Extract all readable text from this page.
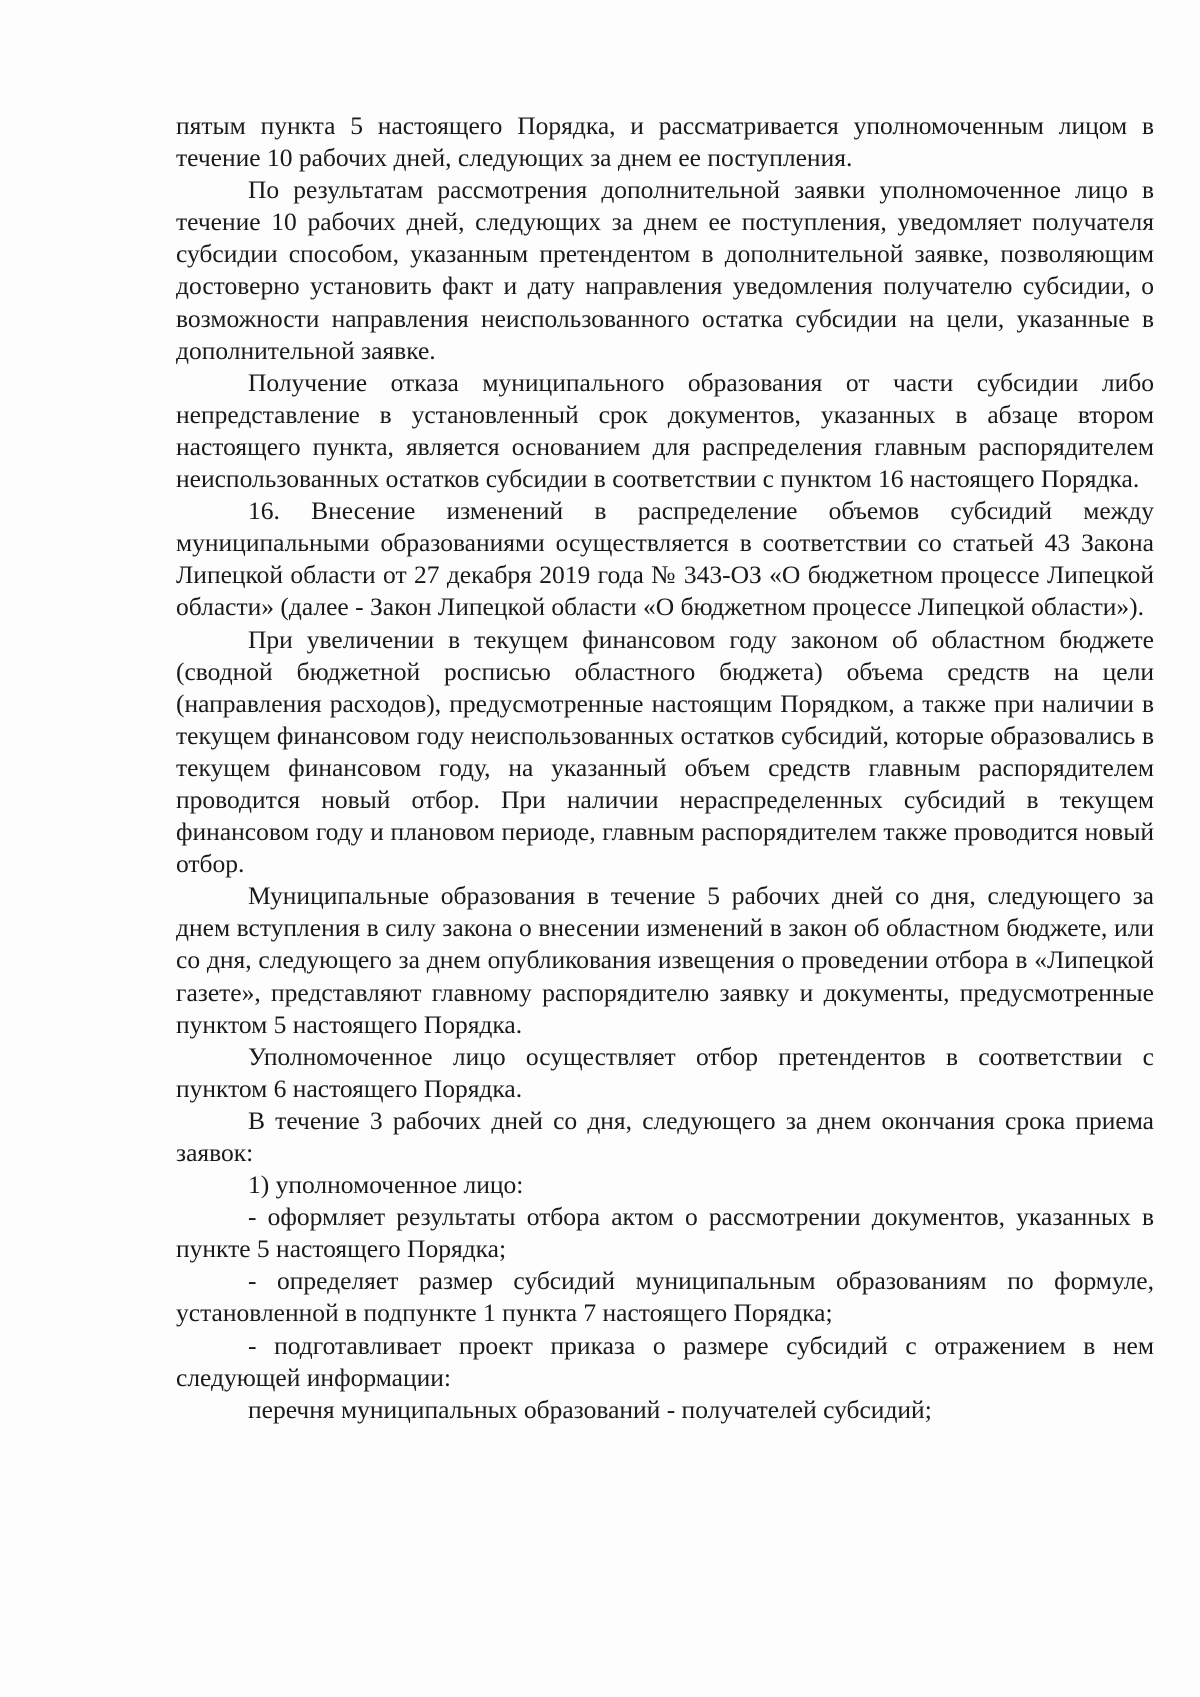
пятым пункта 5 настоящего Порядка, и рассматривается уполномоченным лицом в течение 10 рабочих дней, следующих за днем ее поступления.

По результатам рассмотрения дополнительной заявки уполномоченное лицо в течение 10 рабочих дней, следующих за днем ее поступления, уведомляет получателя субсидии способом, указанным претендентом в дополнительной заявке, позволяющим достоверно установить факт и дату направления уведомления получателю субсидии, о возможности направления неиспользованного остатка субсидии на цели, указанные в дополнительной заявке.

Получение отказа муниципального образования от части субсидии либо непредставление в установленный срок документов, указанных в абзаце втором настоящего пункта, является основанием для распределения главным распорядителем неиспользованных остатков субсидии в соответствии с пунктом 16 настоящего Порядка.

16. Внесение изменений в распределение объемов субсидий между муниципальными образованиями осуществляется в соответствии со статьей 43 Закона Липецкой области от 27 декабря 2019 года № 343-ОЗ «О бюджетном процессе Липецкой области» (далее - Закон Липецкой области «О бюджетном процессе Липецкой области»).

При увеличении в текущем финансовом году законом об областном бюджете (сводной бюджетной росписью областного бюджета) объема средств на цели (направления расходов), предусмотренные настоящим Порядком, а также при наличии в текущем финансовом году неиспользованных остатков субсидий, которые образовались в текущем финансовом году, на указанный объем средств главным распорядителем проводится новый отбор. При наличии нераспределенных субсидий в текущем финансовом году и плановом периоде, главным распорядителем также проводится новый отбор.

Муниципальные образования в течение 5 рабочих дней со дня, следующего за днем вступления в силу закона о внесении изменений в закон об областном бюджете, или со дня, следующего за днем опубликования извещения о проведении отбора в «Липецкой газете», представляют главному распорядителю заявку и документы, предусмотренные пунктом 5 настоящего Порядка.

Уполномоченное лицо осуществляет отбор претендентов в соответствии с пунктом 6 настоящего Порядка.

В течение 3 рабочих дней со дня, следующего за днем окончания срока приема заявок:

1) уполномоченное лицо:

- оформляет результаты отбора актом о рассмотрении документов, указанных в пункте 5 настоящего Порядка;

- определяет размер субсидий муниципальным образованиям по формуле, установленной в подпункте 1 пункта 7 настоящего Порядка;

- подготавливает проект приказа о размере субсидий с отражением в нем следующей информации:

перечня муниципальных образований - получателей субсидий;
